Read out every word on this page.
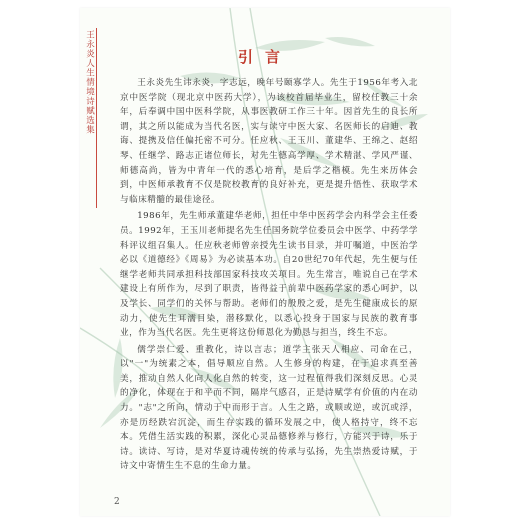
王永炎人生情境诗赋选集	引言

王永炎先生讳永炎，字志远，晚年号颐寡学人。先生于1956年考入北京中医学院（现北京中医药大学），为该校首届毕业生，留校任教三十余年，后奉调中国中医科学院，从事医教研工作三十年。因首先生的良长所谓，其之所以能成为当代名医，实与读守中医大家、名医师长的启迪、教诲、提携及信任偏托密不可分。任应秋、王玉川、董建华、王绵之、赵绍琴、任继学、路志正诸位师长，对先生德高学厚、学术精湛、学风严谨、师德高尚，皆为中青年一代的悉心培育，是后学之楷模。先生来历体会到，中医师承教育不仅是院校教育的良好补充，更是提升悟性、获取学术与临床精髓的最佳途径。

1986年，先生师承董建华老师，担任中华中医药学会内科学会主任委员。1992年，王玉川老师提名先生任国务院学位委员会中医学、中药学学科评议组召集人。任应秋老师曾亲授先生读书目录，并叮嘱道，中医治学必以《道德经》《周易》为必读基本功。自20世纪70年代起，先生便与任继学老师共同承担科技部国家科技攻关项目。先生常言，唯说自己在学术建设上有所作为，尽到了职责，皆得益于前辈中医药学家的悉心呵护，以及学长、同学们的关怀与帮助。老师们的殷殷之爱，是先生健康成长的原动力，使先生耳濡目染，潜移默化，以悉心投身于国家与民族的教育事业，作为当代名医。先生更将这份师恩化为勤恳与担当，终生不忘。

儒学崇仁爱、重教化，诗以言志；道学主张天人相应、司命在己，以"一"为统素之本，倡导顺应自然。人生修身的构建，在于追求真至善美，推动自然人化向人化自然的转变，这一过程值得我们深刻反思。心灵的净化，体现在于和平而不同，隔岸气感召，正是诗赋学有价值的内在动力。"志"之所向，情动于中而形于言。人生之路，或顺或逆，或沉或浮，亦是历经跌宕沉淀，而生存实践的循环发展之中，使人格持守，终不忘本。凭借生活实践的积累，深化心灵品德修养与修行，方能兴于诗，乐于诗。读诗、写诗，是对华夏诗魂传统的传承与弘扬，先生崇热爱诗赋，于诗文中寄情生生不息的生命力量。

2
